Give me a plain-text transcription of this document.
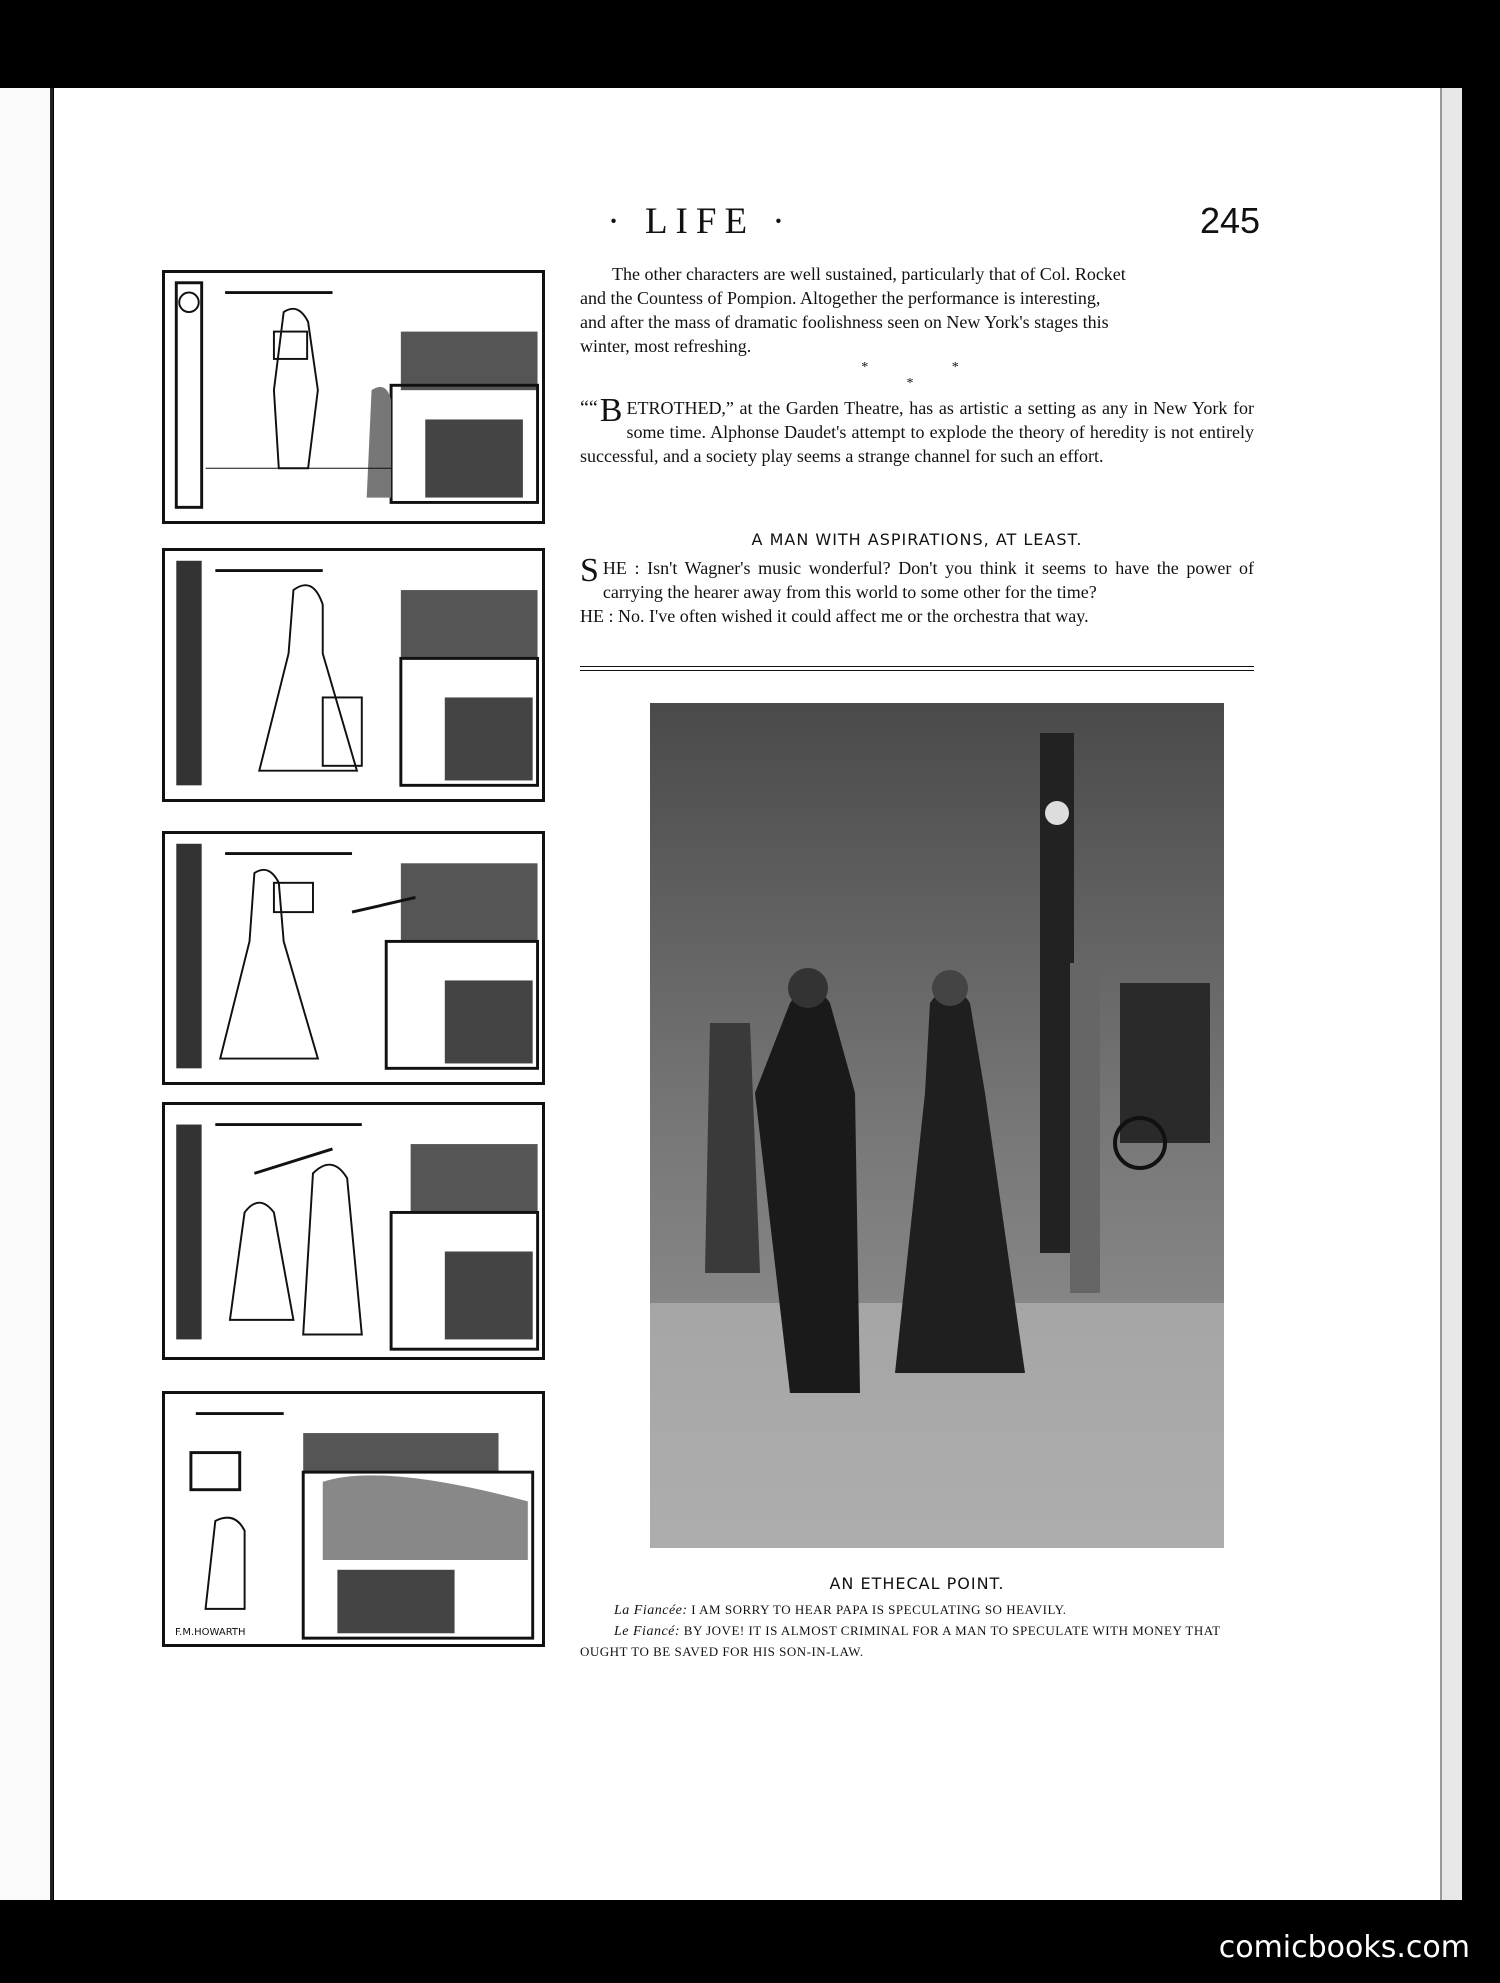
· LIFE ·	245
F.M.HOWARTH
The other characters are well sustained, particularly that of Col. Rocket
and the Countess of Pompion. Altogether the performance is interesting,
and after the mass of dramatic foolishness seen on New York's stages this
winter, most refreshing.
* * *
““ B ETROTHED,” at the Garden Theatre, has as artistic a setting as any in New York for some time. Alphonse Daudet's attempt to explode the theory of heredity is not entirely successful, and a society play seems a strange channel for such an effort.
A MAN WITH ASPIRATIONS, AT LEAST.
S HE : Isn't Wagner's music wonderful? Don't you think it seems to have the power of carrying the hearer away from this world to some other for the time?
HE : No. I've often wished it could affect me or the orchestra that way.
AN ETHECAL POINT.
La Fiancée: I AM SORRY TO HEAR PAPA IS SPECULATING SO HEAVILY.
Le Fiancé: BY JOVE! IT IS ALMOST CRIMINAL FOR A MAN TO SPECULATE WITH MONEY THAT OUGHT TO BE SAVED FOR HIS SON-IN-LAW.
comicbooks.com
